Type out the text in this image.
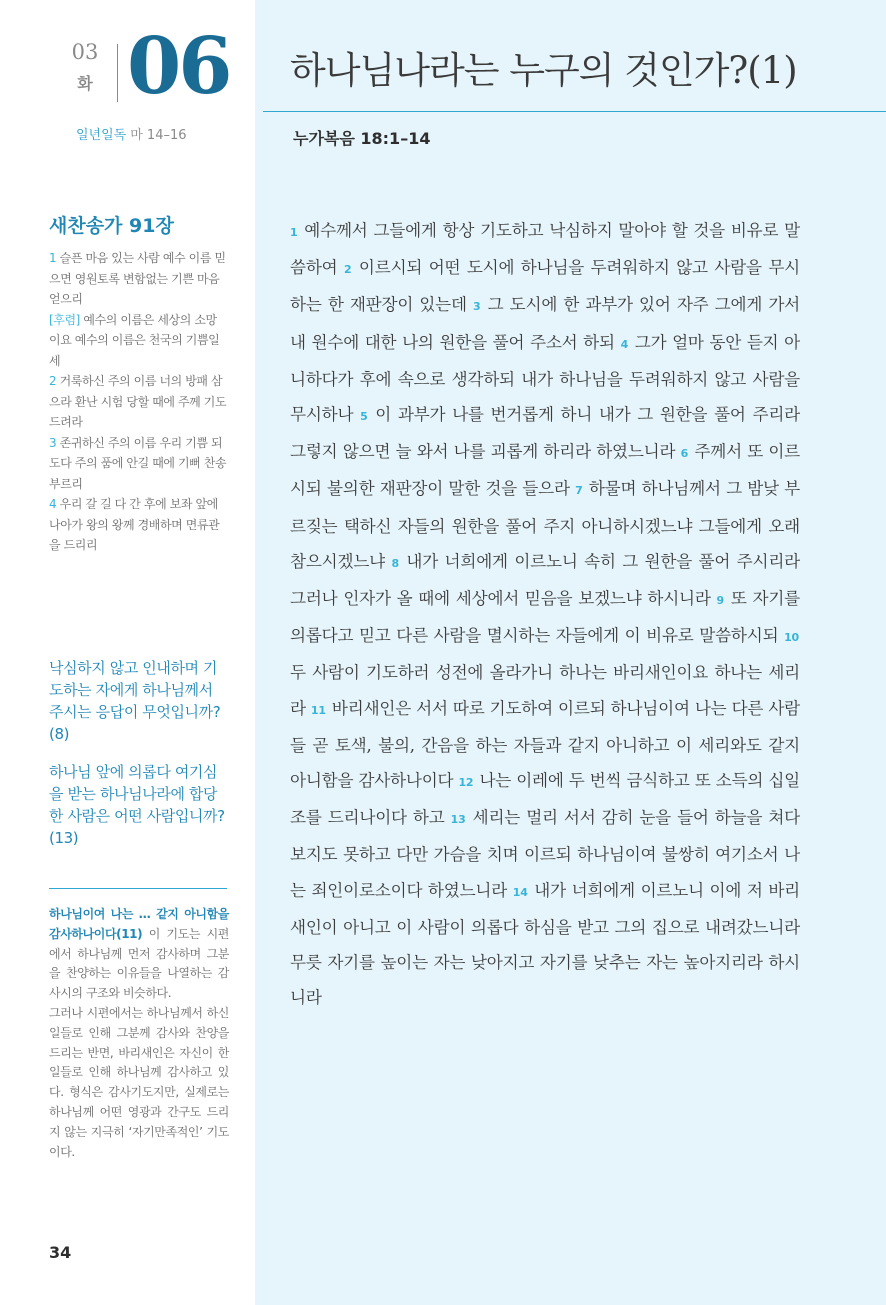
03
화 06
일년일독 마 14–16
하나님나라는 누구의 것인가?(1)
누가복음 18:1–14
1 예수께서 그들에게 항상 기도하고 낙심하지 말아야 할 것을 비유로 말씀하여 2 이르시되 어떤 도시에 하나님을 두려워하지 않고 사람을 무시하는 한 재판장이 있는데 3 그 도시에 한 과부가 있어 자주 그에게 가서 내 원수에 대한 나의 원한을 풀어 주소서 하되 4 그가 얼마 동안 듣지 아니하다가 후에 속으로 생각하되 내가 하나님을 두려워하지 않고 사람을 무시하나 5 이 과부가 나를 번거롭게 하니 내가 그 원한을 풀어 주리라 그렇지 않으면 늘 와서 나를 괴롭게 하리라 하였느니라 6 주께서 또 이르시되 불의한 재판장이 말한 것을 들으라 7 하물며 하나님께서 그 밤낮 부르짖는 택하신 자들의 원한을 풀어 주지 아니하시겠느냐 그들에게 오래 참으시겠느냐 8 내가 너희에게 이르노니 속히 그 원한을 풀어 주시리라 그러나 인자가 올 때에 세상에서 믿음을 보겠느냐 하시니라 9 또 자기를 의롭다고 믿고 다른 사람을 멸시하는 자들에게 이 비유로 말씀하시되 10 두 사람이 기도하러 성전에 올라가니 하나는 바리새인이요 하나는 세리라 11 바리새인은 서서 따로 기도하여 이르되 하나님이여 나는 다른 사람들 곧 토색, 불의, 간음을 하는 자들과 같지 아니하고 이 세리와도 같지 아니함을 감사하나이다 12 나는 이레에 두 번씩 금식하고 또 소득의 십일조를 드리나이다 하고 13 세리는 멀리 서서 감히 눈을 들어 하늘을 쳐다보지도 못하고 다만 가슴을 치며 이르되 하나님이여 불쌍히 여기소서 나는 죄인이로소이다 하였느니라 14 내가 너희에게 이르노니 이에 저 바리새인이 아니고 이 사람이 의롭다 하심을 받고 그의 집으로 내려갔느니라 무릇 자기를 높이는 자는 낮아지고 자기를 낮추는 자는 높아지리라 하시니라
새찬송가 91장

1 슬픈 마음 있는 사람 예수 이름 믿으면 영원토록 변함없는 기쁜 마음 얻으리

[후렴] 예수의 이름은 세상의 소망이요 예수의 이름은 천국의 기쁨일세

2 거룩하신 주의 이름 너의 방패 삼으라 환난 시험 당할 때에 주께 기도드려라

3 존귀하신 주의 이름 우리 기쁨 되도다 주의 품에 안길 때에 기뻐 찬송부르리

4 우리 갈 길 다 간 후에 보좌 앞에 나아가 왕의 왕께 경배하며 면류관을 드리리

낙심하지 않고 인내하며 기도하는 자에게 하나님께서 주시는 응답이 무엇입니까? (8)

하나님 앞에 의롭다 여기심을 받는 하나님나라에 합당한 사람은 어떤 사람입니까? (13)

하나님이여 나는 … 같지 아니함을 감사하나이다(11) 이 기도는 시편에서 하나님께 먼저 감사하며 그분을 찬양하는 이유들을 나열하는 감사시의 구조와 비슷하다.

그러나 시편에서는 하나님께서 하신 일들로 인해 그분께 감사와 찬양을 드리는 반면, 바리새인은 자신이 한 일들로 인해 하나님께 감사하고 있다. 형식은 감사기도지만, 실제로는 하나님께 어떤 영광과 간구도 드리지 않는 지극히 ‘자기만족적인’ 기도이다.

34
